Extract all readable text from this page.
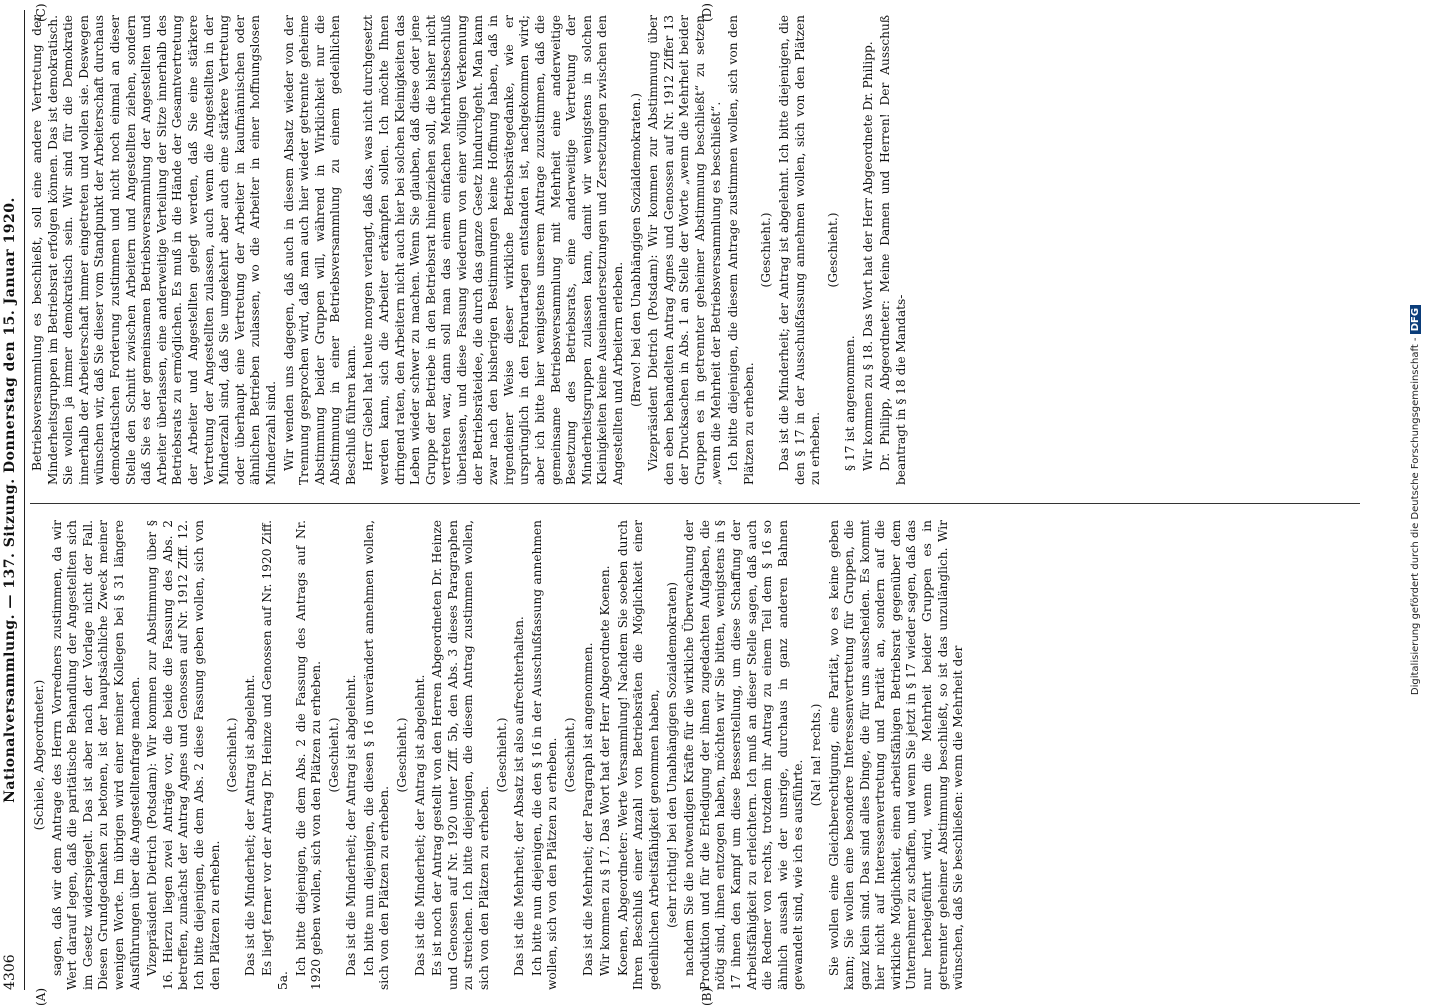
4306
Nationalversammlung. — 137. Sitzung. Donnerstag den 15. Januar 1920. (Schiele, Abgeordneter.) sagen, daß wir dem Antrage des Herrn Vorredners zustimmen, da wir Wert darauf legen, daß die paritätische Behandlung der Angestellten sich im Gesetz widerspiegelt. Das ist aber nach der Vorlage nicht der Fall. Diesen Grundgedanken zu betonen, ist der hauptsächliche Zweck meiner wenigen Worte. Im übrigen wird einer meiner Kollegen bei § 31 längere Ausführungen über die Angestelltenfrage machen. Vizepräsident Dietrich (Potsdam): Wir kommen zur Abstimmung über § 16. Hierzu liegen zwei Anträge vor, die beide die Fassung des Abs. 2 betreffen, zunächst der Antrag Agnes und Genossen auf Nr. 1912 Ziff. 12. Ich bitte diejenigen, die dem Abs. 2 diese Fassung geben wollen, sich von den Plätzen zu erheben.

(Geschieht.) Das ist die Minderheit; der Antrag ist abgelehnt. Es liegt ferner vor der Antrag Dr. Heinze und Genossen auf Nr. 1920 Ziff. 5a.

Ich bitte diejenigen, die dem Abs. 2 die Fassung des Antrags auf Nr. 1920 geben wollen, sich von den Plätzen zu erheben. (Geschieht.) Das ist die Minderheit; der Antrag ist abgelehnt. Ich bitte nun diejenigen, die diesen § 16 unverändert annehmen wollen, sich von den Plätzen zu erheben.

(Geschieht.) Das ist die Minderheit; der Antrag ist abgelehnt. Es ist noch der Antrag gestellt von den Herren Abgeordneten Dr. Heinze und Genossen auf Nr. 1920 unter Ziff. 5b, den Abs. 3 dieses Paragraphen zu streichen. Ich bitte diejenigen, die diesem Antrag zustimmen wollen, sich von den Plätzen zu erheben.

(Geschieht.) Das ist die Mehrheit; der Absatz ist also aufrechterhalten. Ich bitte nun diejenigen, die den § 16 in der Ausschußfassung annehmen wollen, sich von den Plätzen zu erheben. (Geschieht.) Das ist die Mehrheit; der Paragraph ist angenommen. Wir kommen zu § 17. Das Wort hat der Herr Abgeordnete Koenen. Koenen, Abgeordneter: Werte Versammlung! Nachdem Sie soeben durch Ihren Beschluß einer Anzahl von Betriebsräten die Möglichkeit einer gedeihlichen Arbeitsfähigkeit genommen haben, (sehr richtig! bei den Unabhängigen Sozialdemokraten) nachdem Sie die notwendigen Kräfte für die wirkliche Überwachung der Produktion und für die Erledigung der ihnen zugedachten Aufgaben, die nötig sind, ihnen entzogen haben, möchten wir Sie bitten, wenigstens in § 17 ihnen den Kampf um diese Besserstellung, um diese Schaffung der Arbeitsfähigkeit zu erleichtern. Ich muß an dieser Stelle sagen, daß auch die Redner von rechts, trotzdem ihr Antrag zu einem Teil dem § 16 so ähnlich aussah wie der unsrige, durchaus in ganz anderen Bahnen gewandelt sind, wie ich es ausführte.

(Na! na! rechts.) Sie wollen eine Gleichberechtigung, eine Parität, wo es keine geben kann; Sie wollen eine besondere Interessenvertretung für Gruppen, die ganz klein sind. Das sind alles Dinge, die für uns ausscheiden. Es kommt hier nicht auf Interessenvertretung und Parität an, sondern auf die wirkliche Möglichkeit, einen arbeitsfähigen Betriebsrat gegenüber dem Unternehmer zu schaffen, und wenn Sie jetzt in § 17 wieder sagen, daß das nur herbeigeführt wird, wenn die Mehrheit beider Gruppen es in getrennter geheimer Abstimmung beschließt, so ist das unzulänglich. Wir wünschen, daß Sie beschließen: wenn die Mehrheit der

Betriebsversammlung es beschließt, soll eine andere Vertretung der Minderheitsgruppen im Betriebsrat erfolgen können. Das ist demokratisch. Sie wollen ja immer demokratisch sein. Wir sind für die Demokratie innerhalb der Arbeiterschaft immer eingetreten und wollen sie. Deswegen wünschen wir, daß Sie dieser vom Standpunkt der Arbeiterschaft durchaus demokratischen Forderung zustimmen und nicht noch einmal an dieser Stelle den Schnitt zwischen Arbeitern und Angestellten ziehen, sondern daß Sie es der gemeinsamen Betriebsversammlung der Angestellten und Arbeiter überlassen, eine anderweitige Verteilung der Sitze innerhalb des Betriebsrats zu ermöglichen. Es muß in die Hände der Gesamtvertretung der Arbeiter und Angestellten gelegt werden, daß Sie eine stärkere Vertretung der Angestellten zulassen, auch wenn die Angestellten in der Minderzahl sind, daß Sie umgekehrt aber auch eine stärkere Vertretung oder überhaupt eine Vertretung der Arbeiter in kaufmännischen oder ähnlichen Betrieben zulassen, wo die Arbeiter in einer hoffnungslosen Minderzahl sind. Wir wenden uns dagegen, daß auch in diesem Absatz wieder von der Trennung gesprochen wird, daß man auch hier wieder getrennte geheime Abstimmung beider Gruppen will, während in Wirklichkeit nur die Abstimmung in einer Betriebsversammlung zu einem gedeihlichen Beschluß führen kann. Herr Giebel hat heute morgen verlangt, daß das, was nicht durchgesetzt werden kann, sich die Arbeiter erkämpfen sollen. Ich möchte Ihnen dringend raten, den Arbeitern nicht auch hier bei solchen Kleinigkeiten das Leben wieder schwer zu machen. Wenn Sie glauben, daß diese oder jene Gruppe der Betriebe in den Betriebsrat hineinziehen soll, die bisher nicht vertreten war, dann soll man das einem einfachen Mehrheitsbeschluß überlassen, und diese Fassung wiederum von einer völligen Verkennung der Betriebsräteidee, die durch das ganze Gesetz hindurchgeht. Man kann zwar nach den bisherigen Bestimmungen keine Hoffnung haben, daß in irgendeiner Weise dieser wirkliche Betriebsrätegedanke, wie er ursprünglich in den Februartagen entstanden ist, nachgekommen wird; aber ich bitte hier wenigstens unserem Antrage zuzustimmen, daß die gemeinsame Betriebsversammlung mit Mehrheit eine anderweitige Besetzung des Betriebsrats, eine anderweitige Vertretung der Minderheitsgruppen zulassen kann, damit wir wenigstens in solchen Kleinigkeiten keine Auseinandersetzungen und Zersetzungen zwischen den Angestellten und Arbeitern erleben. (Bravo! bei den Unabhängigen Sozialdemokraten.) Vizepräsident Dietrich (Potsdam): Wir kommen zur Abstimmung über den eben behandelten Antrag Agnes und Genossen auf Nr. 1912 Ziffer 13 der Drucksachen in Abs. 1 an Stelle der Worte „wenn die Mehrheit beider Gruppen es in getrennter geheimer Abstimmung beschließt“ zu setzen „wenn die Mehrheit der Betriebsversammlung es beschließt“. Ich bitte diejenigen, die diesem Antrage zustimmen wollen, sich von den Plätzen zu erheben.

(Geschieht.) Das ist die Minderheit; der Antrag ist abgelehnt. Ich bitte diejenigen, die den § 17 in der Ausschußfassung annehmen wollen, sich von den Plätzen zu erheben.

(Geschieht.)

§ 17 ist angenommen. Wir kommen zu § 18. Das Wort hat der Herr Abgeordnete Dr. Philipp. Dr. Philipp, Abgeordneter: Meine Damen und Herren! Der Ausschuß beantragt in § 18 die Mandats-

(A)	(B)
(C)	(D)
Digitalisierung gefördert durch die Deutsche Forschungsgemeinschaft - DFG
